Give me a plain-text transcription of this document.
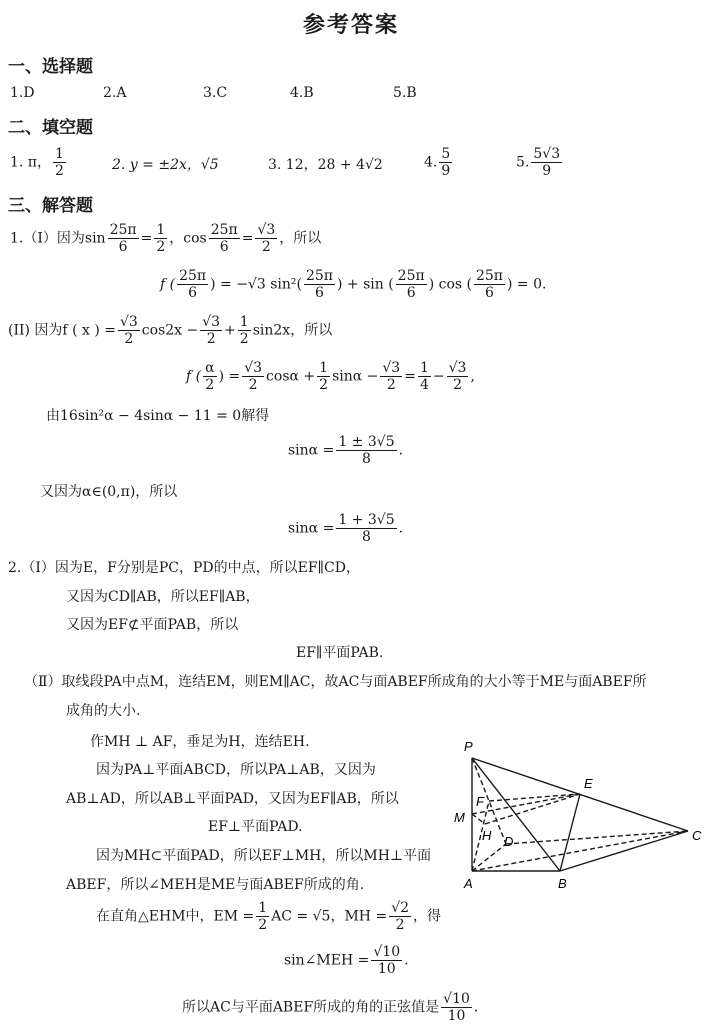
参考答案
一、选择题
1.D	2.A	3.C	4.B	5.B
二、填空题
1. π， $\frac{1}{2}$	2. y = ±2x，√5	3. 12，28 + 4√2	4. $\frac{5}{9}$	5. $\frac{5√3}{9}$
三、解答题
1.（I）因为$\sin \frac{25\pi}{6} = \frac{1}{2}$ ，$\cos \frac{25\pi}{6} = \frac{√3}{2}$ ，所以
f ( $\frac{25\pi}{6}$ ) = −√3 $\sin^2( \frac{25\pi}{6}$ ) + sin ( $\frac{25\pi}{6}$ ) cos ( $\frac{25\pi}{6}$ ) = 0.
(II) 因为f ( x ) = $\frac{√3}{2} \cos 2x - \frac{√3}{2} + \frac{1}{2} \sin 2x$，所以
f ( $\frac{\alpha}{2}$ ) = $\frac{√3}{2}$ $\cos\alpha + \frac{1}{2}$ $\sin\alpha - \frac{√3}{2} = \frac{1}{4} - \frac{√3}{2}$ ,
由16sin²α − 4sinα − 11 = 0解得
$\sin\alpha = \frac{1 \pm 3√5}{8}$ .
又因为α∈(0,π)，所以
$\sin\alpha = \frac{1 + 3√5}{8}$ .
2.（Ⅰ）因为E，F分别是PC，PD的中点，所以EF∥CD，
又因为CD∥AB，所以EF∥AB，
又因为EF⊄平面PAB，所以
EF∥平面PAB.
（Ⅱ）取线段PA中点M，连结EM，则EM∥AC，故AC与面ABEF所成角的大小等于ME与面ABEF所
成角的大小.
作MH ⊥ AF，垂足为H，连结EH.
因为PA⊥平面ABCD，所以PA⊥AB，又因为
AB⊥AD，所以AB⊥平面PAD，又因为EF∥AB，所以
EF⊥平面PAD.
因为MH⊂平面PAD，所以EF⊥MH，所以MH⊥平面
ABEF，所以∠MEH是ME与面ABEF所成的角.
在直角△EHM中，EM = $\frac{1}{2}$ AC = √5，MH = $\frac{√2}{2}$ ，得
sin∠MEH = $\frac{√10}{10}$ .
所以AC与平面ABEF所成的角的正弦值是 $\frac{√10}{10}$ .
P
E
F
M
H D	C
A	B
